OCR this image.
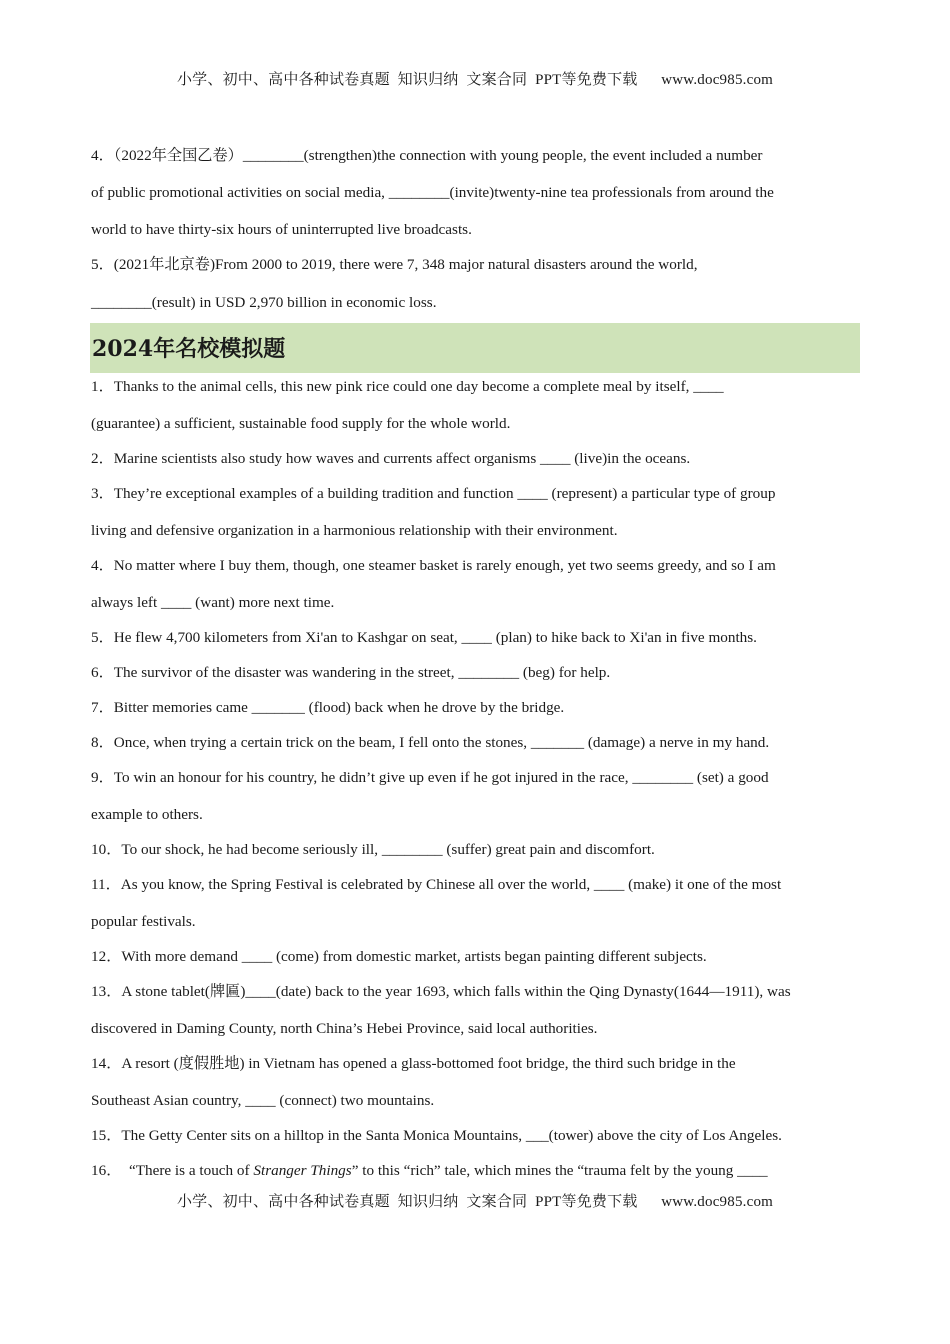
小学、初中、高中各种试卷真题  知识归纳  文案合同  PPT等免费下载      www.doc985.com
4．（2022年全国乙卷）________(strengthen)the connection with young people, the event included a number
of public promotional activities on social media, ________(invite)twenty-nine tea professionals from around the
world to have thirty-six hours of uninterrupted live broadcasts.
5．(2021年北京卷)From 2000 to 2019, there were 7, 348 major natural disasters around the world,
________(result) in USD 2,970 billion in economic loss.
2024年名校模拟题
1．Thanks to the animal cells, this new pink rice could one day become a complete meal by itself, ____
(guarantee) a sufficient, sustainable food supply for the whole world.
2．Marine scientists also study how waves and currents affect organisms ____ (live)in the oceans.
3．They’re exceptional examples of a building tradition and function ____ (represent) a particular type of group
living and defensive organization in a harmonious relationship with their environment.
4．No matter where I buy them, though, one steamer basket is rarely enough, yet two seems greedy, and so I am
always left ____ (want) more next time.
5．He flew 4,700 kilometers from Xi'an to Kashgar on seat, ____ (plan) to hike back to Xi'an in five months.
6．The survivor of the disaster was wandering in the street, ________ (beg) for help.
7．Bitter memories came _______ (flood) back when he drove by the bridge.
8．Once, when trying a certain trick on the beam, I fell onto the stones, _______ (damage) a nerve in my hand.
9．To win an honour for his country, he didn’t give up even if he got injured in the race, ________ (set) a good
example to others.
10．To our shock, he had become seriously ill, ________ (suffer) great pain and discomfort.
11．As you know, the Spring Festival is celebrated by Chinese all over the world, ____ (make) it one of the most
popular festivals.
12．With more demand ____ (come) from domestic market, artists began painting different subjects.
13．A stone tablet(牌匾)____(date) back to the year 1693, which falls within the Qing Dynasty(1644—1911), was
discovered in Daming County, north China’s Hebei Province, said local authorities.
14．A resort (度假胜地) in Vietnam has opened a glass-bottomed foot bridge, the third such bridge in the
Southeast Asian country, ____ (connect) two mountains.
15．The Getty Center sits on a hilltop in the Santa Monica Mountains, ___(tower) above the city of Los Angeles.
16．  “There is a touch of Stranger Things” to this “rich” tale, which mines the “trauma felt by the young ____
小学、初中、高中各种试卷真题  知识归纳  文案合同  PPT等免费下载      www.doc985.com
